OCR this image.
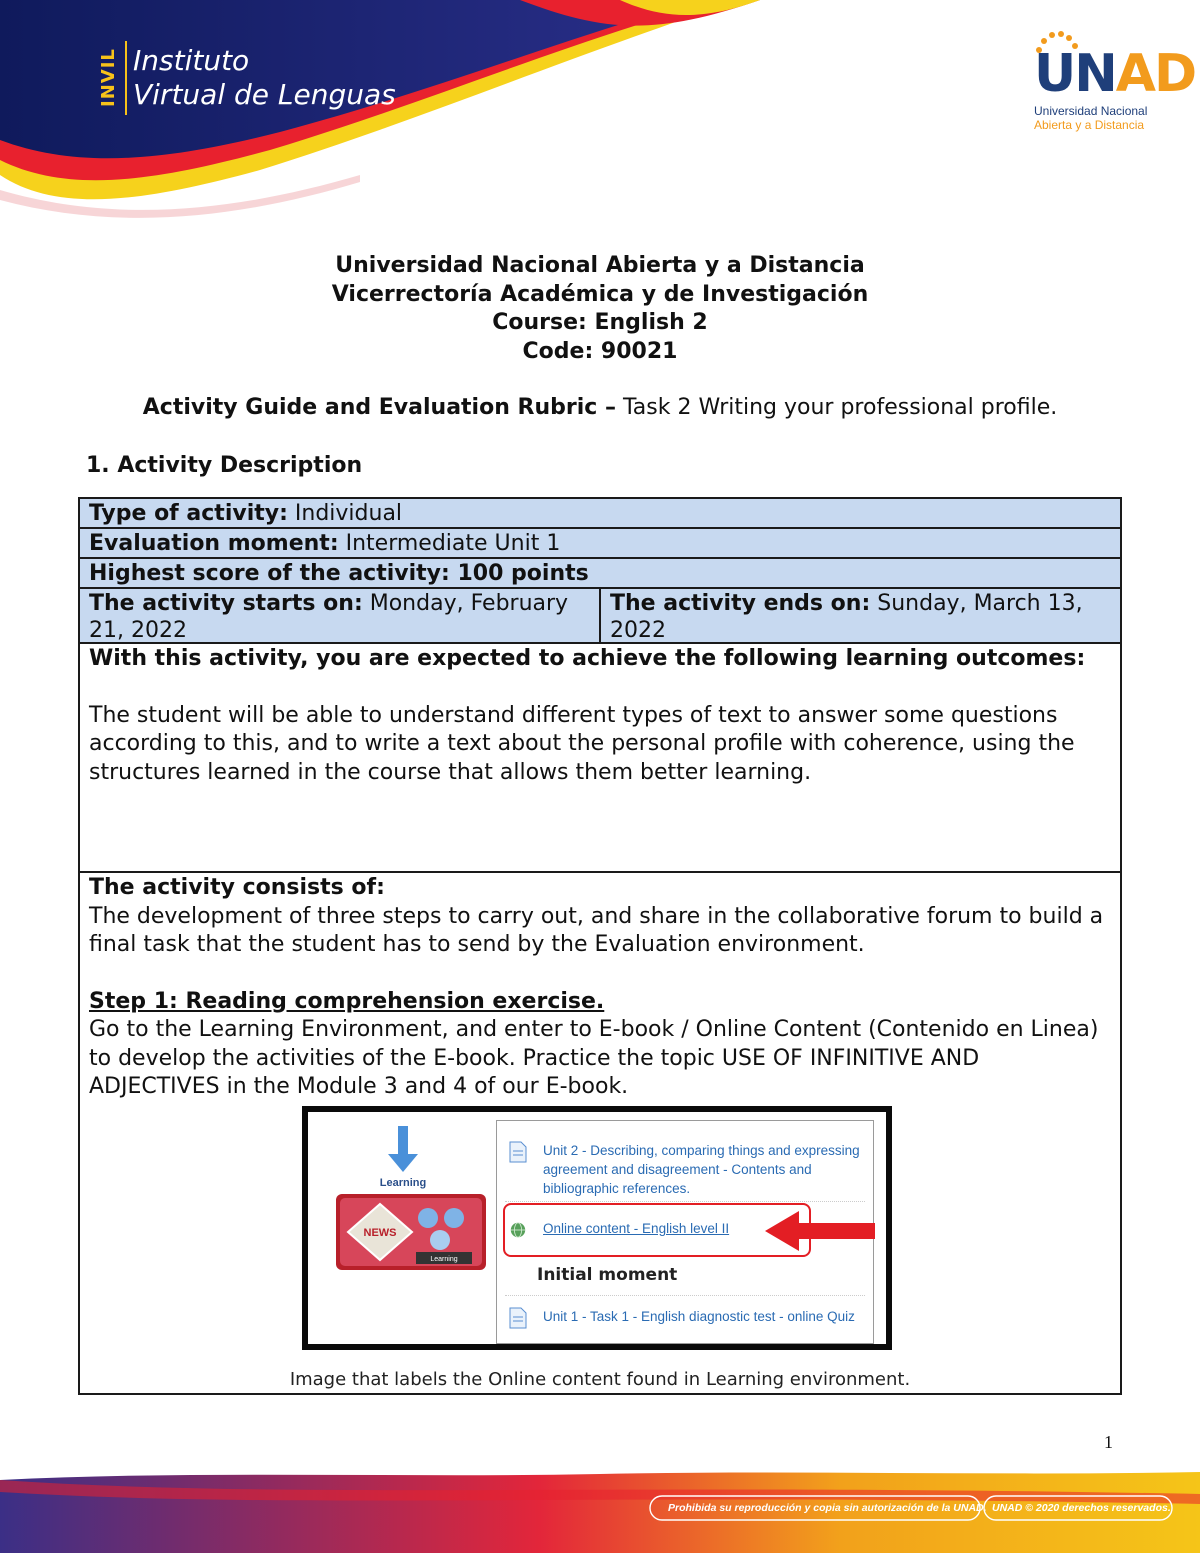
INVIL Instituto
Virtual de Lenguas	UNAD
Universidad Nacional
Abierta y a Distancia
Universidad Nacional Abierta y a Distancia
Vicerrectoría Académica y de Investigación
Course: English 2
Code: 90021
Activity Guide and Evaluation Rubric – Task 2 Writing your professional profile.
1. Activity Description
Type of activity: Individual
Evaluation moment: Intermediate Unit 1
Highest score of the activity: 100 points
The activity starts on: Monday, February 21, 2022
The activity ends on: Sunday, March 13, 2022
With this activity, you are expected to achieve the following learning outcomes:
The student will be able to understand different types of text to answer some questions according to this, and to write a text about the personal profile with coherence, using the structures learned in the course that allows them better learning.
The activity consists of:
The development of three steps to carry out, and share in the collaborative forum to build a final task that the student has to send by the Evaluation environment.
Step 1: Reading comprehension exercise.
Go to the Learning Environment, and enter to E-book / Online Content (Contenido en Linea) to develop the activities of the E-book. Practice the topic USE OF INFINITIVE AND ADJECTIVES in the Module 3 and 4 of our E-book.
Learning
NEWS
Learning
Unit 2 - Describing, comparing things and expressing agreement and disagreement - Contents and bibliographic references.
Online content - English level II
Initial moment
Unit 1 - Task 1 - English diagnostic test - online Quiz
Image that labels the Online content found in Learning environment.
1
Prohibida su reproducción y copia sin autorización de la UNAD. UNAD © 2020 derechos reservados.
